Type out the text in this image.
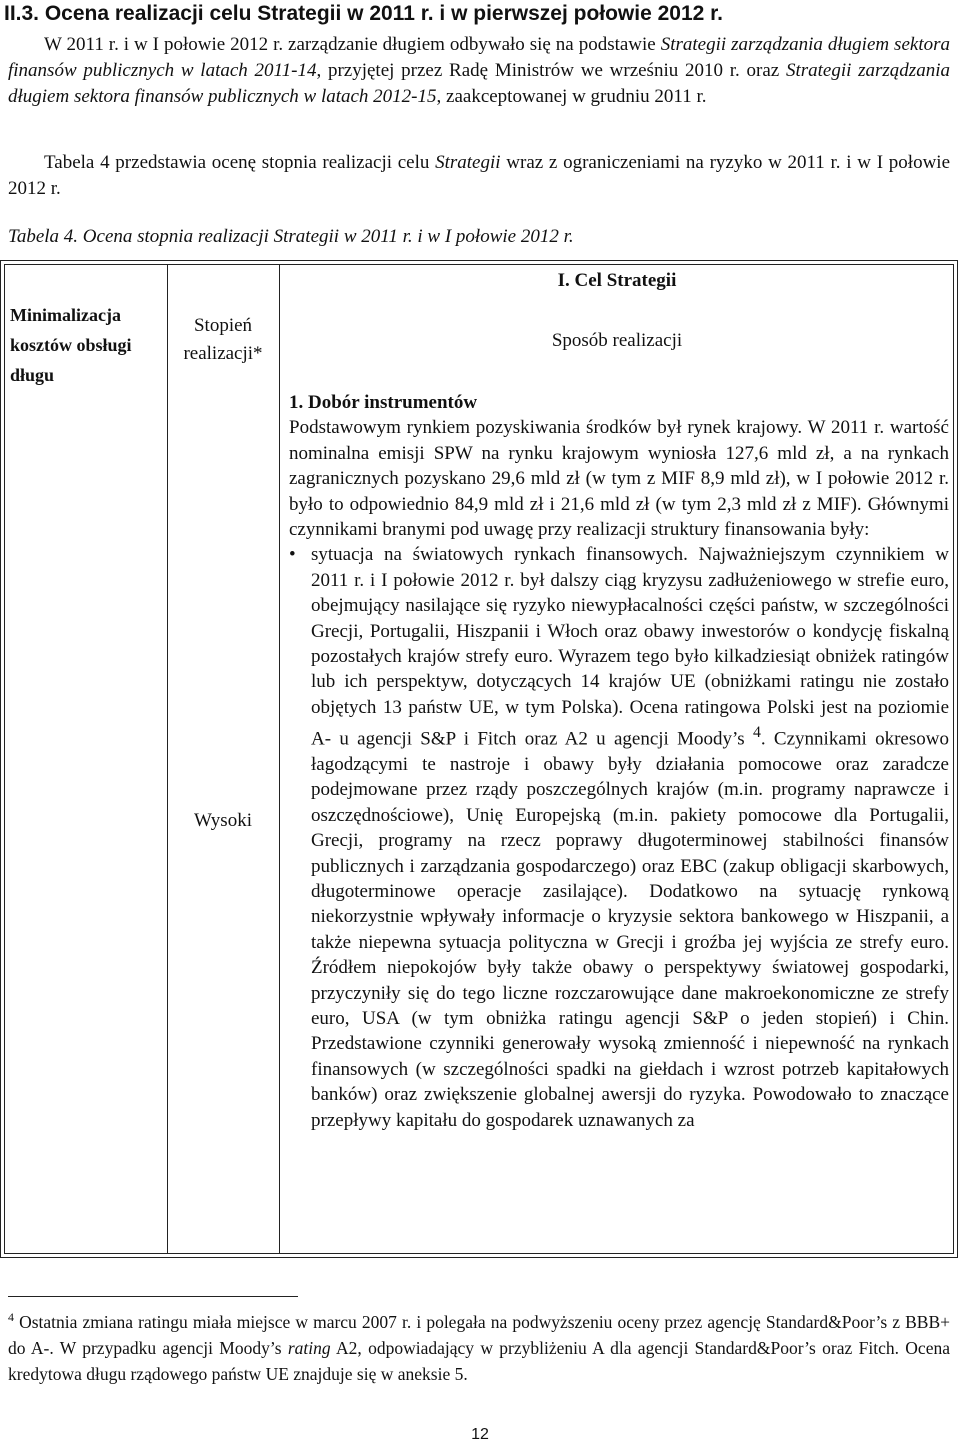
II.3. Ocena realizacji celu Strategii w 2011 r. i w pierwszej połowie 2012 r.
W 2011 r. i w I połowie 2012 r. zarządzanie długiem odbywało się na podstawie Strategii zarządzania długiem sektora finansów publicznych w latach 2011-14, przyjętej przez Radę Ministrów we wrześniu 2010 r. oraz Strategii zarządzania długiem sektora finansów publicznych w latach 2012-15, zaakceptowanej w grudniu 2011 r.
Tabela 4 przedstawia ocenę stopnia realizacji celu Strategii wraz z ograniczeniami na ryzyko w 2011 r. i w I połowie 2012 r.
Tabela 4. Ocena stopnia realizacji Strategii w 2011 r. i w I połowie 2012 r.
Minimalizacja kosztów obsługi długu
Stopień realizacji*
I. Cel Strategii
Sposób realizacji
Wysoki
1. Dobór instrumentów
Podstawowym rynkiem pozyskiwania środków był rynek krajowy. W 2011 r. wartość nominalna emisji SPW na rynku krajowym wyniosła 127,6 mld zł, a na rynkach zagranicznych pozyskano 29,6 mld zł (w tym z MIF 8,9 mld zł), w I połowie 2012 r. było to odpowiednio 84,9 mld zł i 21,6 mld zł (w tym 2,3 mld zł z MIF). Głównymi czynnikami branymi pod uwagę przy realizacji struktury finansowania były:
• sytuacja na światowych rynkach finansowych. Najważniejszym czynnikiem w 2011 r. i I połowie 2012 r. był dalszy ciąg kryzysu zadłużeniowego w strefie euro, obejmujący nasilające się ryzyko niewypłacalności części państw, w szczególności Grecji, Portugalii, Hiszpanii i Włoch oraz obawy inwestorów o kondycję fiskalną pozostałych krajów strefy euro. Wyrazem tego było kilkadziesiąt obniżek ratingów lub ich perspektyw, dotyczących 14 krajów UE (obniżkami ratingu nie zostało objętych 13 państw UE, w tym Polska). Ocena ratingowa Polski jest na poziomie A- u agencji S&P i Fitch oraz A2 u agencji Moody’s $^4$. Czynnikami okresowo łagodzącymi te nastroje i obawy były działania pomocowe oraz zaradcze podejmowane przez rządy poszczególnych krajów (m.in. programy naprawcze i oszczędnościowe), Unię Europejską (m.in. pakiety pomocowe dla Portugalii, Grecji, programy na rzecz poprawy długoterminowej stabilności finansów publicznych i zarządzania gospodarczego) oraz EBC (zakup obligacji skarbowych, długoterminowe operacje zasilające). Dodatkowo na sytuację rynkową niekorzystnie wpływały informacje o kryzysie sektora bankowego w Hiszpanii, a także niepewna sytuacja polityczna w Grecji i groźba jej wyjścia ze strefy euro. Źródłem niepokojów były także obawy o perspektywy światowej gospodarki, przyczyniły się do tego liczne rozczarowujące dane makroekonomiczne ze strefy euro, USA (w tym obniżka ratingu agencji S&P o jeden stopień) i Chin. Przedstawione czynniki generowały wysoką zmienność i niepewność na rynkach finansowych (w szczególności spadki na giełdach i wzrost potrzeb kapitałowych banków) oraz zwiększenie globalnej awersji do ryzyka. Powodowało to znaczące przepływy kapitału do gospodarek uznawanych za
$^4$ Ostatnia zmiana ratingu miała miejsce w marcu 2007 r. i polegała na podwyższeniu oceny przez agencję Standard&Poor’s z BBB+ do A-. W przypadku agencji Moody’s rating A2, odpowiadający w przybliżeniu A dla agencji Standard&Poor’s oraz Fitch. Ocena kredytowa długu rządowego państw UE znajduje się w aneksie 5.
12
